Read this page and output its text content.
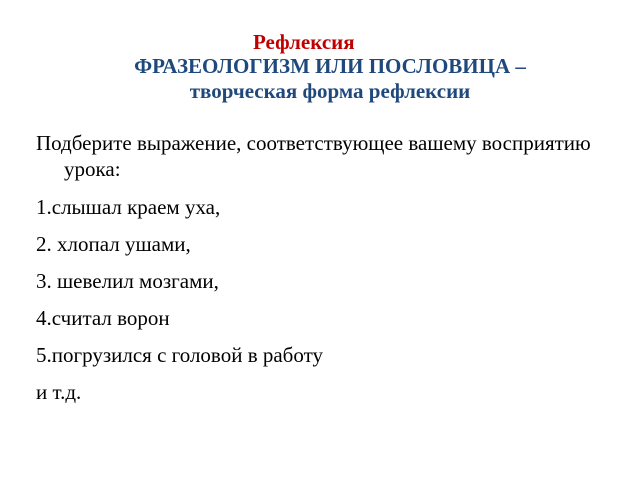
Рефлексия
ФРАЗЕОЛОГИЗМ ИЛИ ПОСЛОВИЦА –
творческая форма рефлексии

Подберите выражение, соответствующее вашему восприятию урока:

1.слышал краем уха,
2. хлопал ушами,
3. шевелил мозгами,
4.считал ворон
5.погрузился с головой в работу
и т.д.
